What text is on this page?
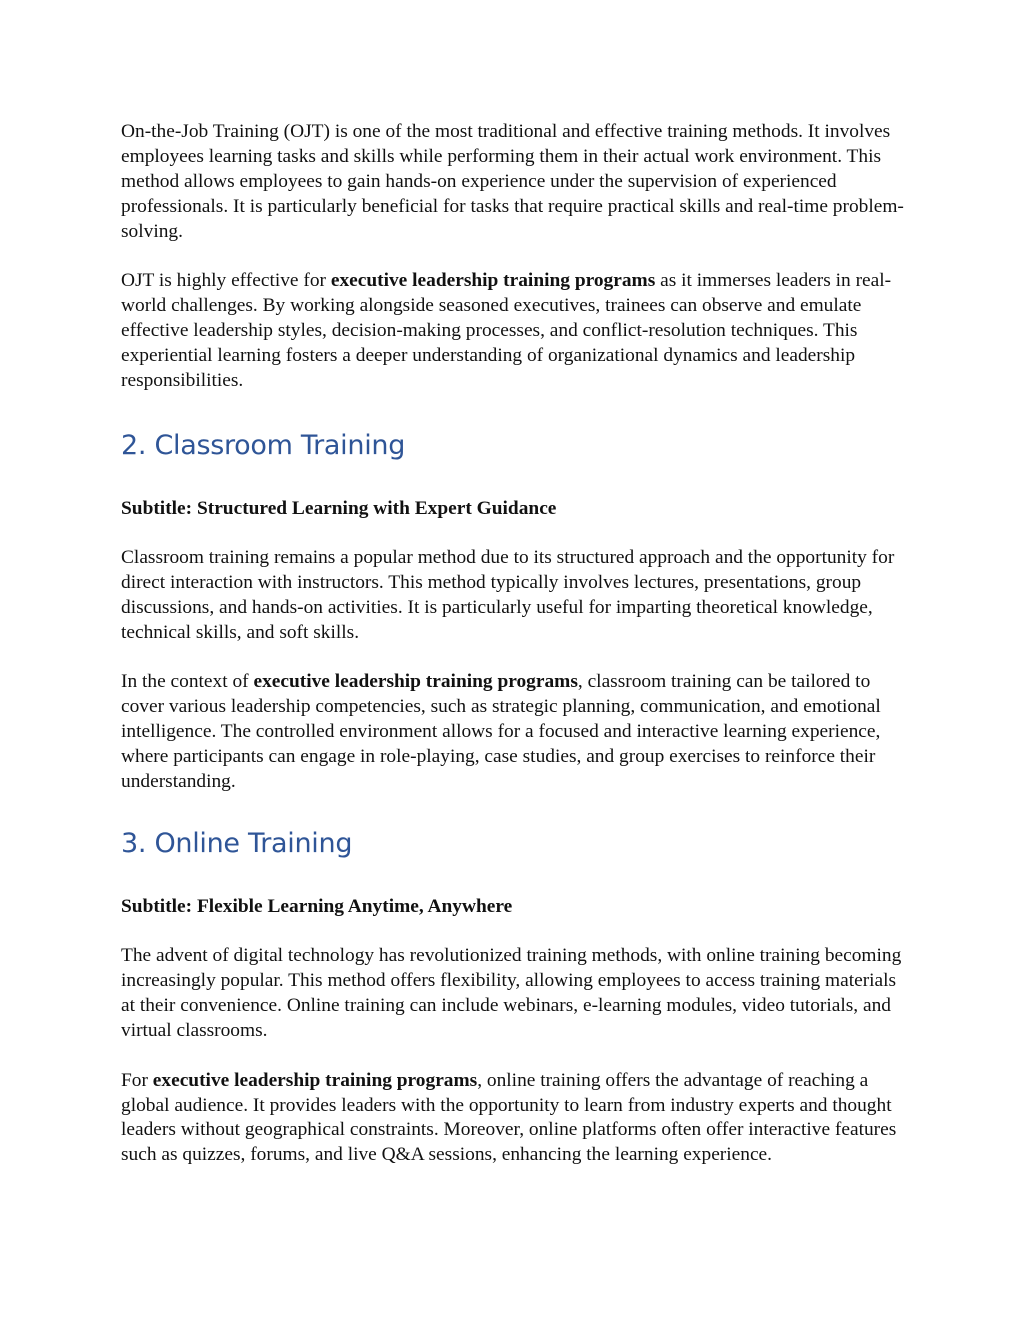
On-the-Job Training (OJT) is one of the most traditional and effective training methods. It involves employees learning tasks and skills while performing them in their actual work environment. This method allows employees to gain hands-on experience under the supervision of experienced professionals. It is particularly beneficial for tasks that require practical skills and real-time problem-solving.

OJT is highly effective for executive leadership training programs as it immerses leaders in real-world challenges. By working alongside seasoned executives, trainees can observe and emulate effective leadership styles, decision-making processes, and conflict-resolution techniques. This experiential learning fosters a deeper understanding of organizational dynamics and leadership responsibilities.

2. Classroom Training

Subtitle: Structured Learning with Expert Guidance

Classroom training remains a popular method due to its structured approach and the opportunity for direct interaction with instructors. This method typically involves lectures, presentations, group discussions, and hands-on activities. It is particularly useful for imparting theoretical knowledge, technical skills, and soft skills.

In the context of executive leadership training programs, classroom training can be tailored to cover various leadership competencies, such as strategic planning, communication, and emotional intelligence. The controlled environment allows for a focused and interactive learning experience, where participants can engage in role-playing, case studies, and group exercises to reinforce their understanding.

3. Online Training

Subtitle: Flexible Learning Anytime, Anywhere

The advent of digital technology has revolutionized training methods, with online training becoming increasingly popular. This method offers flexibility, allowing employees to access training materials at their convenience. Online training can include webinars, e-learning modules, video tutorials, and virtual classrooms.

For executive leadership training programs, online training offers the advantage of reaching a global audience. It provides leaders with the opportunity to learn from industry experts and thought leaders without geographical constraints. Moreover, online platforms often offer interactive features such as quizzes, forums, and live Q&A sessions, enhancing the learning experience.
